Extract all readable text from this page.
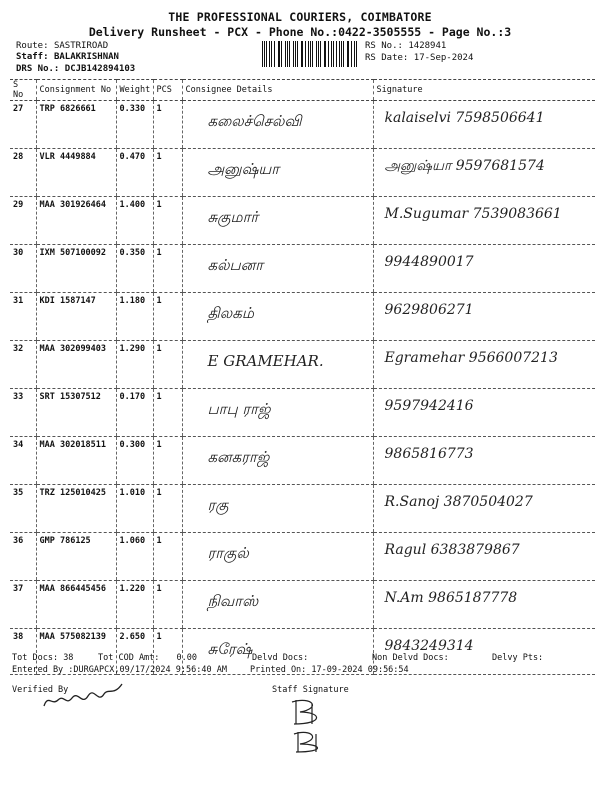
THE PROFESSIONAL COURIERS, COIMBATORE
Delivery Runsheet - PCX - Phone No.:0422-3505555 - Page No.:3
Route: SASTRIROAD
Staff: BALAKRISHNAN
DRS No.: DCJB142894103
RS No.: 1428941
RS Date: 17-Sep-2024
S No	Consignment No	Weight	PCS	Consignee Details	Signature
27	TRP 6826661	0.330	1	கலைச்செல்வி	kalaiselvi 7598506641

28	VLR 4449884	0.470	1	அனுஷ்யா	அனுஷ்யா 9597681574

29	MAA 301926464	1.400	1	சுகுமார்	M.Sugumar 7539083661

30	IXM 507100092	0.350	1	கல்பனா	9944890017

31	KDI 1587147	1.180	1	திலகம்	9629806271

32	MAA 302099403	1.290	1	E GRAMEHAR.	Egramehar 9566007213

33	SRT 15307512	0.170	1	பாபு ராஜ்	9597942416

34	MAA 302018511	0.300	1	கனகராஜ்	9865816773

35	TRZ 125010425	1.010	1	ரகு	R.Sanoj 3870504027

36	GMP 786125	1.060	1	ராகுல்	Ragul 6383879867

37	MAA 866445456	1.220	1	நிவாஸ்	N.Am 9865187778

38	MAA 575082139	2.650	1	சுரேஷ்	9843249314
Tot Docs: 38	Tot COD Amt: 0.00	Delvd Docs:	Non Delvd Docs:	Delvy Pts:
Entered By :DURGAPCX,09/17/2024 9:56:40 AM	Printed On: 17-09-2024 09:56:54
Verified By	Staff Signature
